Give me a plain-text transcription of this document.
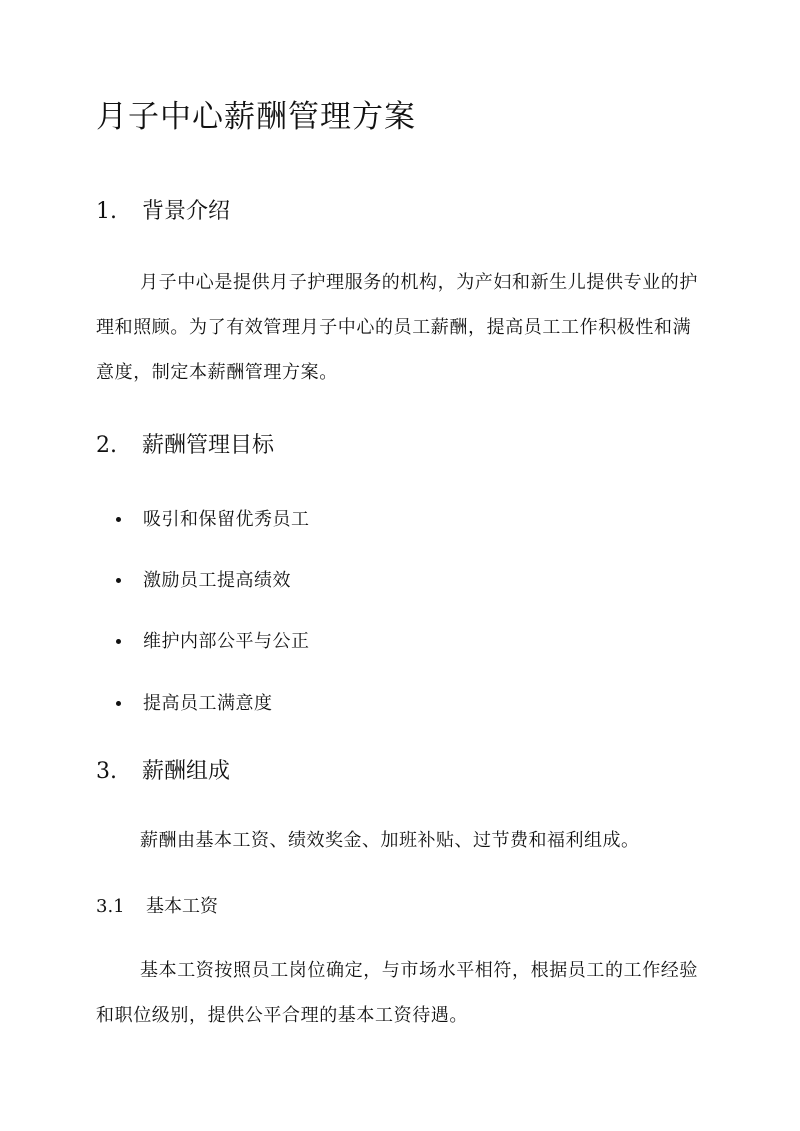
月子中心薪酬管理方案
1. 背景介绍

月子中心是提供月子护理服务的机构，为产妇和新生儿提供专业的护理和照顾。为了有效管理月子中心的员工薪酬，提高员工工作积极性和满意度，制定本薪酬管理方案。

2. 薪酬管理目标
吸引和保留优秀员工
激励员工提高绩效
维护内部公平与公正
提高员工满意度
3. 薪酬组成

薪酬由基本工资、绩效奖金、加班补贴、过节费和福利组成。

3.1 基本工资

基本工资按照员工岗位确定，与市场水平相符，根据员工的工作经验和职位级别，提供公平合理的基本工资待遇。
